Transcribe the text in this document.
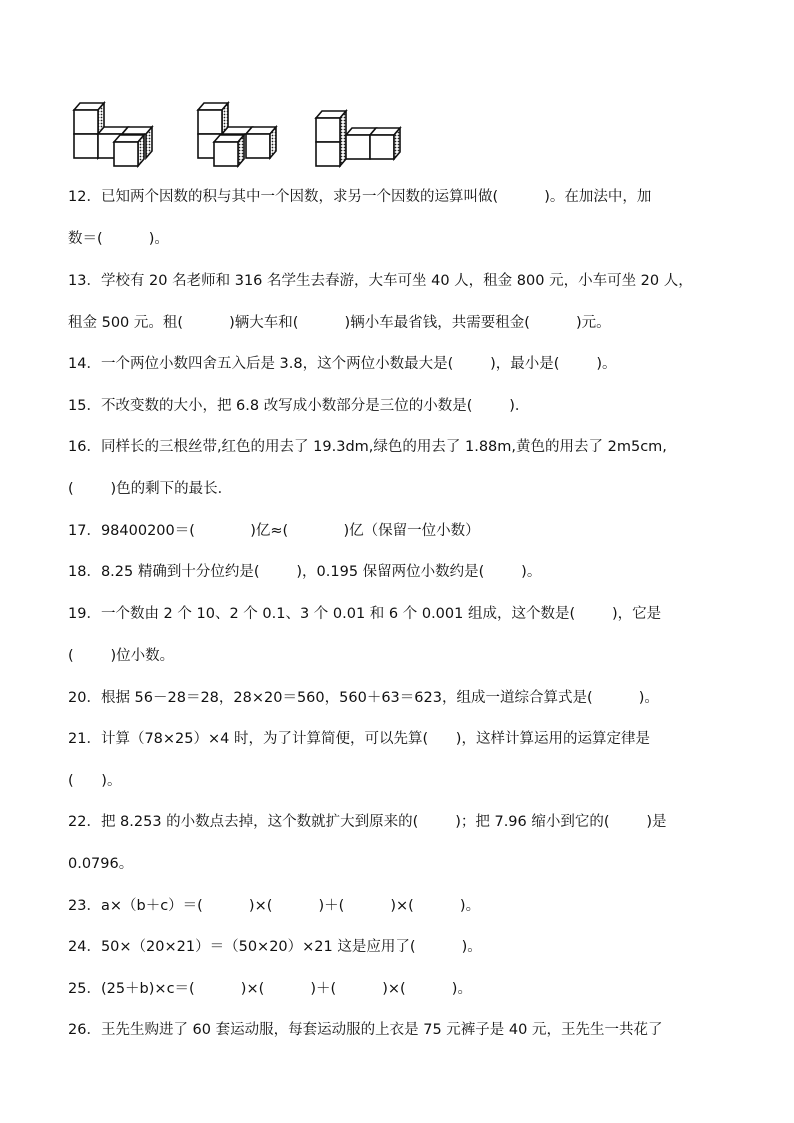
12．已知两个因数的积与其中一个因数，求另一个因数的运算叫做(          )。在加法中，加
数＝(          )。
13．学校有 20 名老师和 316 名学生去春游，大车可坐 40 人，租金 800 元，小车可坐 20 人，
租金 500 元。租(          )辆大车和(          )辆小车最省钱，共需要租金(          )元。
14．一个两位小数四舍五入后是 3.8，这个两位小数最大是(        )，最小是(        )。
15．不改变数的大小，把 6.8 改写成小数部分是三位的小数是(        )．
16．同样长的三根丝带,红色的用去了 19.3dm,绿色的用去了 1.88m,黄色的用去了 2m5cm,
(        )色的剩下的最长．
17．98400200＝(            )亿≈(            )亿（保留一位小数）
18．8.25 精确到十分位约是(        )，0.195 保留两位小数约是(        )。
19．一个数由 2 个 10、2 个 0.1、3 个 0.01 和 6 个 0.001 组成，这个数是(        )，它是
(        )位小数。
20．根据 56－28＝28，28×20＝560，560＋63＝623，组成一道综合算式是(          )。
21．计算（78×25）×4 时，为了计算简便，可以先算(      )，这样计算运用的运算定律是
(      )。
22．把 8.253 的小数点去掉，这个数就扩大到原来的(        )；把 7.96 缩小到它的(        )是
0.0796。
23．a×（b＋c）＝(          )×(          )＋(          )×(          )。
24．50×（20×21）＝（50×20）×21 这是应用了(          )。
25．(25＋b)×c＝(          )×(          )＋(          )×(          )。
26．王先生购进了 60 套运动服，每套运动服的上衣是 75 元裤子是 40 元，王先生一共花了
